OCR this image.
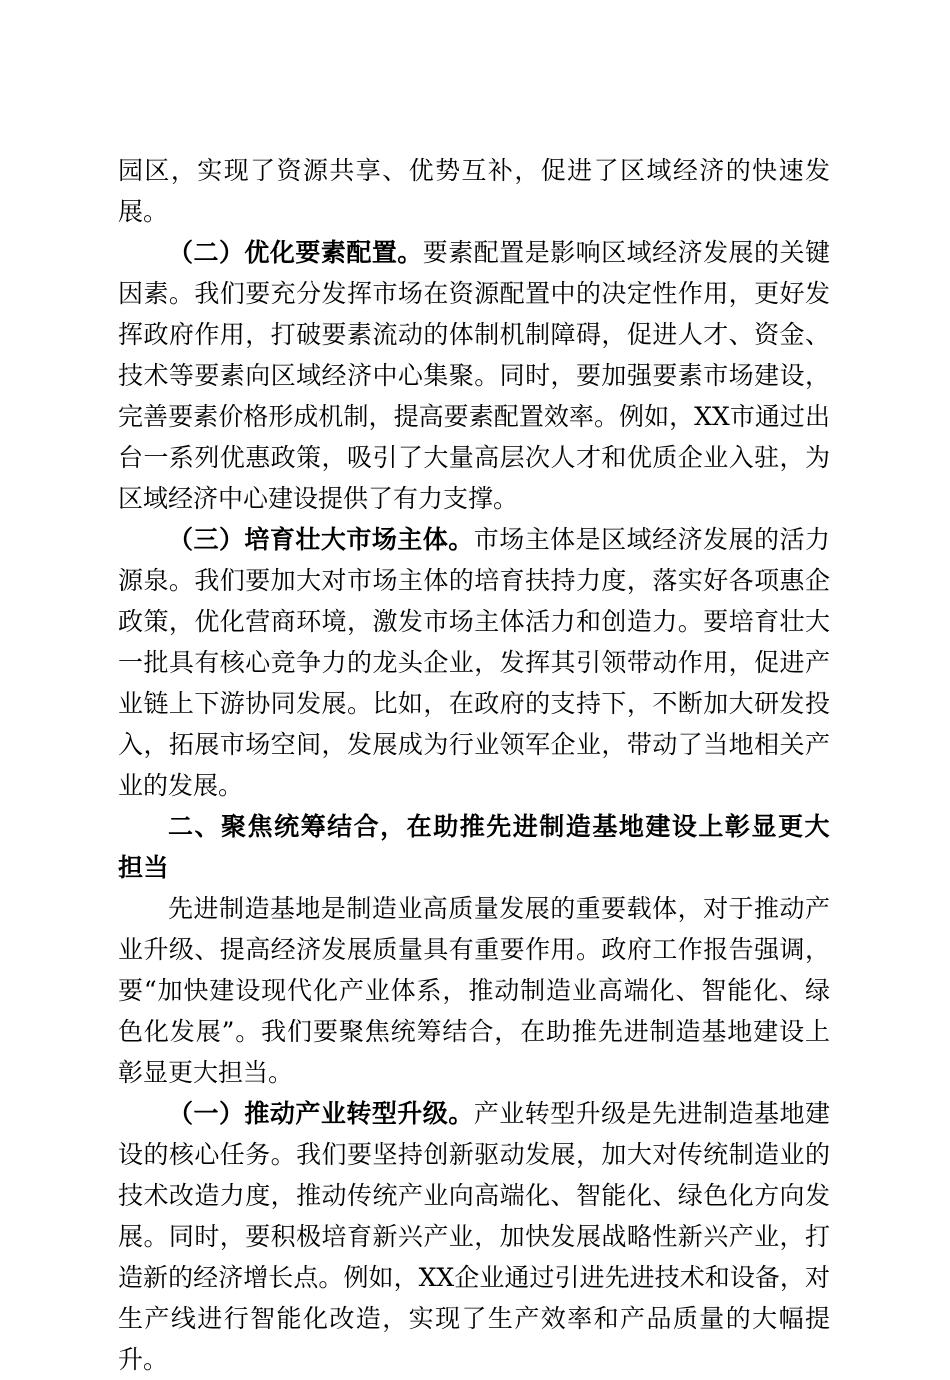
园区，实现了资源共享、优势互补，促进了区域经济的快速发展。

（二）优化要素配置。要素配置是影响区域经济发展的关键因素。我们要充分发挥市场在资源配置中的决定性作用，更好发挥政府作用，打破要素流动的体制机制障碍，促进人才、资金、技术等要素向区域经济中心集聚。同时，要加强要素市场建设，完善要素价格形成机制，提高要素配置效率。例如，XX市通过出台一系列优惠政策，吸引了大量高层次人才和优质企业入驻，为区域经济中心建设提供了有力支撑。

（三）培育壮大市场主体。市场主体是区域经济发展的活力源泉。我们要加大对市场主体的培育扶持力度，落实好各项惠企政策，优化营商环境，激发市场主体活力和创造力。要培育壮大一批具有核心竞争力的龙头企业，发挥其引领带动作用，促进产业链上下游协同发展。比如，在政府的支持下，不断加大研发投入，拓展市场空间，发展成为行业领军企业，带动了当地相关产业的发展。

二、聚焦统筹结合，在助推先进制造基地建设上彰显更大担当

先进制造基地是制造业高质量发展的重要载体，对于推动产业升级、提高经济发展质量具有重要作用。政府工作报告强调，要“加快建设现代化产业体系，推动制造业高端化、智能化、绿色化发展”。我们要聚焦统筹结合，在助推先进制造基地建设上彰显更大担当。

（一）推动产业转型升级。产业转型升级是先进制造基地建设的核心任务。我们要坚持创新驱动发展，加大对传统制造业的技术改造力度，推动传统产业向高端化、智能化、绿色化方向发展。同时，要积极培育新兴产业，加快发展战略性新兴产业，打造新的经济增长点。例如，XX企业通过引进先进技术和设备，对生产线进行智能化改造，实现了生产效率和产品质量的大幅提升。
